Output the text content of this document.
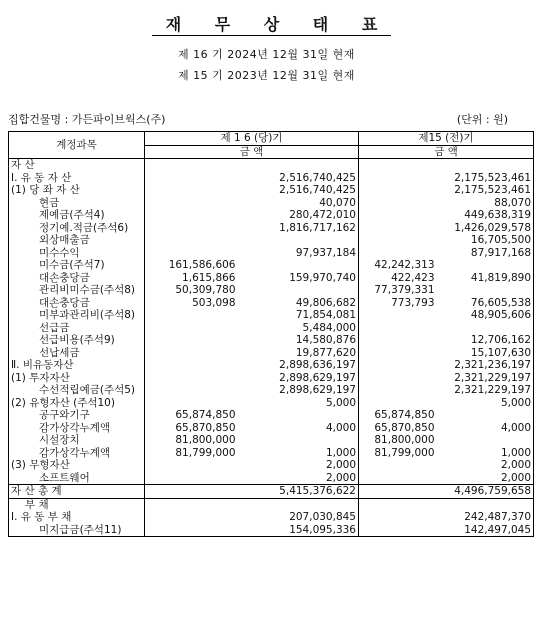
재 무 상 태 표
제 16 기 2024년 12월 31일 현재
제 15 기 2023년 12월 31일 현재
집합건물명 : 가든파이브웍스(주)	(단위 : 원)
계정과목	제 1 6 (당)기		제15 (전)기	
	금 액		금 액	
자 산				
Ⅰ. 유 동 자 산		2,516,740,425		2,175,523,461
(1) 당 좌 자 산		2,516,740,425		2,175,523,461
현금		40,070		88,070
제예금(주석4)		280,472,010		449,638,319
정기예.적금(주석6)		1,816,717,162		1,426,029,578
외상매출금				16,705,500
미수수익		97,937,184		87,917,168
미수금(주석7)	161,586,606		42,242,313	
대손충당금	1,615,866	159,970,740	422,423	41,819,890
관리비미수금(주석8)	50,309,780		77,379,331	
대손충당금	503,098	49,806,682	773,793	76,605,538
미부과관리비(주석8)		71,854,081		48,905,606
선급금		5,484,000		
선급비용(주석9)		14,580,876		12,706,162
선납세금		19,877,620		15,107,630
Ⅱ. 비유동자산		2,898,636,197		2,321,236,197
(1) 투자자산		2,898,629,197		2,321,229,197
수선적립예금(주석5)		2,898,629,197		2,321,229,197
(2) 유형자산 (주석10)		5,000		5,000
공구와기구	65,874,850		65,874,850	
감가상각누계액	65,870,850	4,000	65,870,850	4,000
시설장치	81,800,000		81,800,000	
감가상각누계액	81,799,000	1,000	81,799,000	1,000
(3) 무형자산		2,000		2,000
소프트웨어		2,000		2,000
자 산 총 계		5,415,376,622		4,496,759,658
부 채				
Ⅰ. 유 동 부 채		207,030,845		242,487,370
미지급금(주석11)		154,095,336		142,497,045
